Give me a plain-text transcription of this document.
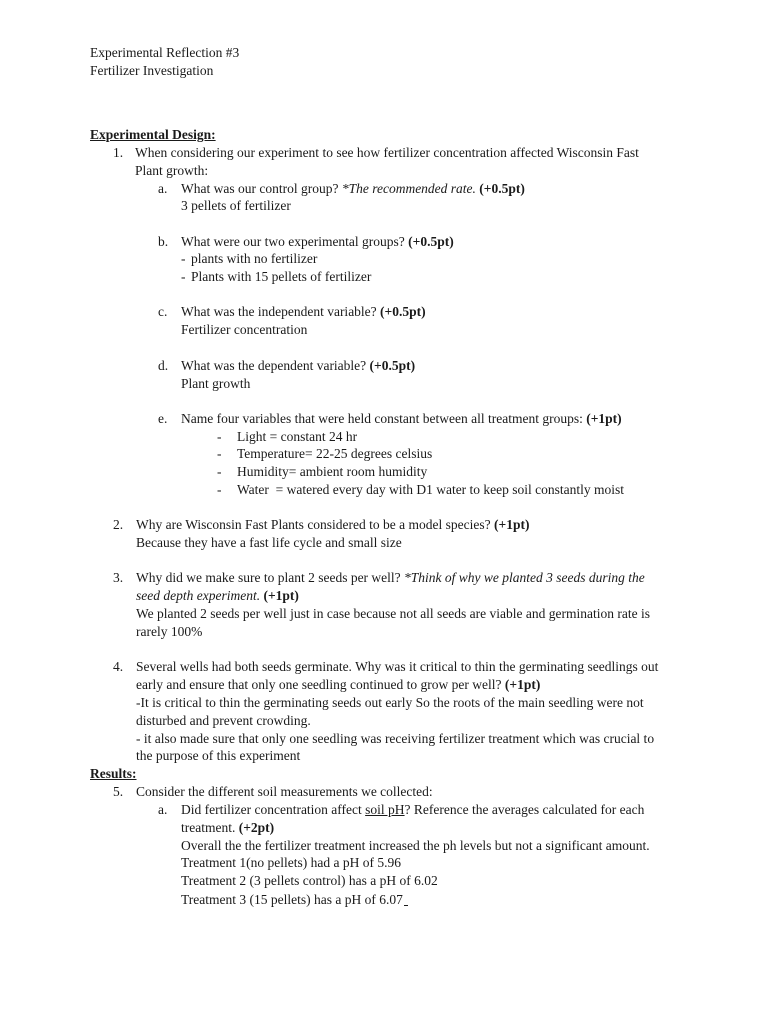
Experimental Reflection #3
Fertilizer Investigation
Experimental Design:
1. When considering our experiment to see how fertilizer concentration affected Wisconsin Fast
Plant growth:
a. What was our control group? *The recommended rate. (+0.5pt)
3 pellets of fertilizer
b. What were our two experimental groups? (+0.5pt)
- plants with no fertilizer
- Plants with 15 pellets of fertilizer
c. What was the independent variable? (+0.5pt)
Fertilizer concentration
d. What was the dependent variable? (+0.5pt)
Plant growth
e. Name four variables that were held constant between all treatment groups: (+1pt)
- Light = constant 24 hr
- Temperature= 22-25 degrees celsius
- Humidity= ambient room humidity
- Water  = watered every day with D1 water to keep soil constantly moist
2. Why are Wisconsin Fast Plants considered to be a model species? (+1pt)
Because they have a fast life cycle and small size
3. Why did we make sure to plant 2 seeds per well? *Think of why we planted 3 seeds during the
seed depth experiment. (+1pt)
We planted 2 seeds per well just in case because not all seeds are viable and germination rate is
rarely 100%
4. Several wells had both seeds germinate. Why was it critical to thin the germinating seedlings out
early and ensure that only one seedling continued to grow per well? (+1pt)
-It is critical to thin the germinating seeds out early So the roots of the main seedling were not
disturbed and prevent crowding.
- it also made sure that only one seedling was receiving fertilizer treatment which was crucial to
the purpose of this experiment
Results:
5. Consider the different soil measurements we collected:
a. Did fertilizer concentration affect soil pH? Reference the averages calculated for each
treatment. (+2pt)
Overall the the fertilizer treatment increased the ph levels but not a significant amount.
Treatment 1(no pellets) had a pH of 5.96
Treatment 2 (3 pellets control) has a pH of 6.02
Treatment 3 (15 pellets) has a pH of 6.07
